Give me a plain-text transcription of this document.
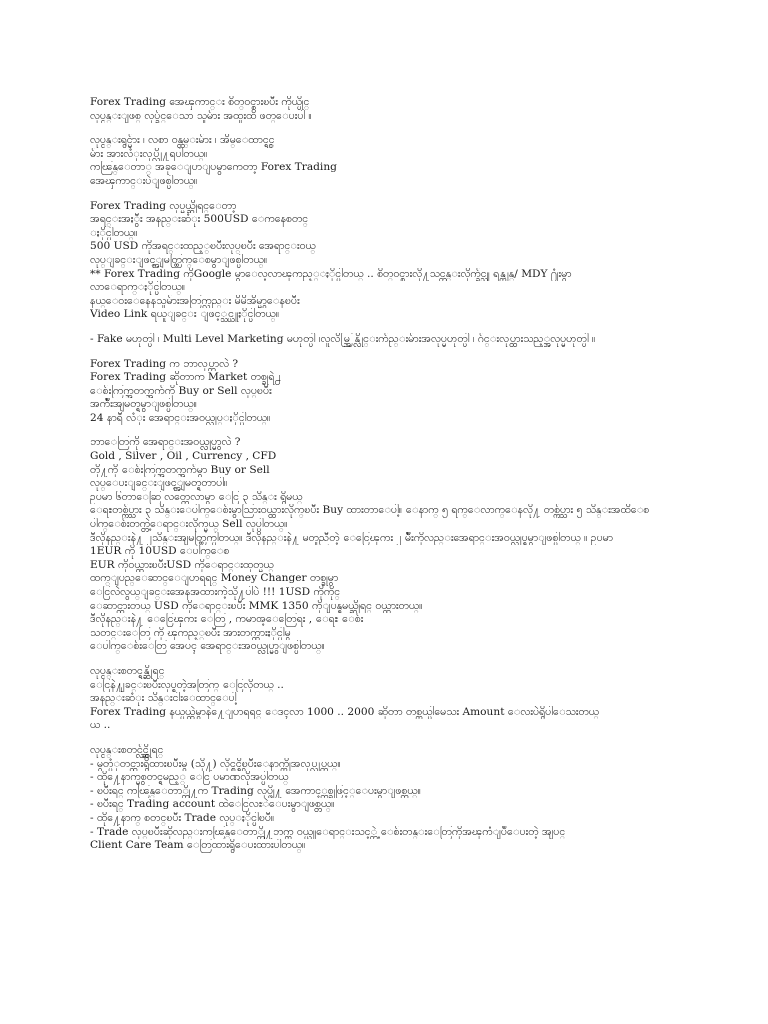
Forex Trading အေၾကာင္း စိတ္ဝင္စားၿပီး ကိုယ္ပိုင္
လုပ္ငန္းျဖစ္ လုပ္ခ်င္ေသာ သူမ်ား အထူးထိ ဖတ္ေပးပါ ။
လုပ္ငန္းရွင္မ်ား ၊ လစာ ဝန္ထမ္းမ်ား ၊ အိမ္ေထာင္ရွင္
မ်ား အားလံုးလုပ္လို႔ရပါတယ္။
ကၽြန္ေတာ္ အခုေျပာျပမွာကေတာ့ Forex Trading
အေၾကာင္းပဲျဖစ္ပါတယ္။
Forex Trading လုပ္မယ္ဆိုရင္ေတာ့
အရင္းအႏွီး အနည္းဆံုး 500USD ေကနေစတင္
ႏိုင္ပါတယ္။
500 USD ကိုအရင္းထည့္ၿပီးလုပ္ၿပီး အေရာင္းဝယ္
လုပ္ျခင္းျဖင့္အျမတ္ထြက္ေစမွာျဖစ္ပါတယ္။
** Forex Trading ကိုGoogle မွာေလ့လာၾကည့္ႏိုင္ပါတယ္ .. စိတ္ဝင္စားလို႔သင္တန္းလိုက္ခ်င္သူ ရန္ကုန္/ MDY ႐ုံးမွာ
လာေရာက္ႏိုင္ပါတယ္။
နယ္ေဝးေနေနသူမ်ားအတြက္လည္း မိမိအိမ္မွာေနၿပီး
Video Link ရယူျခင္း ျဖင့္သင္ယူႏိုင္ပါတယ္။
- Fake မဟုတ္ပါ ၊ Multi Level Marketing မဟုတ္ပါ ၊လူလိမ္အြန္လိုင္းက်ည္းမ်ားအလုပ္မဟုတ္ပါ ၊ ဂ်င္းလုပ္ထားသည့္အလုပ္မဟုတ္ပါ ။
Forex Trading က ဘာလုပ္တာလဲ ?
Forex Trading ဆိုတာက Market တစ္ခုရဲ႕
ေစ်းကြက္အတက္အက်ကို Buy or Sell လုပ္ၿပီး
အက်ိဳးအျမတ္ရမွာျဖစ္ပါတယ္။
24 နာရီ လံုး အေရာင္းအဝယ္လုပ္ႏိုင္ပါတယ္။
ဘာေတြကို အေရာင္းအဝယ္လုပ္မွာလဲ ?
Gold , Silver , Oil , Currency , CFD
တို႔ကို ေစ်းကြက္အတက္အက်မွာ Buy or Sell
လုပ္ေပးျခင္းျဖင့္အျမတ္ရတာပါ။
ဥပမာ ၆တာေဆြ လတ္တေလာမွာ ေငြ ၃ သိန္း ရွိမယ္
ေရႊတစ္က်ပ္သား ၃ သိန္းေပါက္ေစ်းမွာသြားဝယ္ထားလိုက္ၿပီး Buy ထားတာေပါ့။ ေနာက္ ၅ ရက္ေလာက္ေနလို႔ တစ္က်ပ္သား ၅ သိန္းအထိေစ
ပါက္ေစ်းတက္တဲ့ေရာင္းလိုက္မယ္ Sell လုပ္ပါတယ္။
ဒီလိုနည္းနဲ႔ ၂သိန္းအျမတ္ထြက္ပါတယ္။ ဒီလိုနည္းနဲ႔ မတူညီတဲ့ ေငြေၾကး ၂ မ်ိဳးကိုလည္းအေရာင္းအဝယ္လုပ္ရမွာျဖစ္ပါတယ္ ။ ဥပမာ
1EUR ကို 10USD ေပါက္ေစ
EUR ကိုဝယ္ထားၿပီးUSD ကိုေရာင္းထုတ္မယ္
ထက္ျပည္ေဆာင္ေျပာရရင္ Money Changer တစ္ခုမွာ
ေငြလဲလွယ္ျခင္းအေနအထားကဲ့သို႔ပါပဲ !!! 1USD ကိုကိုင္
ေဆာင္ထားတယ္ USD ကိုေရာင္းၿပီး MMK 1350 ကိုျပန္ရမယ္ဆိုရင္ ဝယ္ထားတယ္။
ဒီလိုနည္းနဲ႔ ေငြေၾကး ေတြ , ကမာၻ့ေတြေရး , ေရႊ ေစ်း
သတင္းေတြ ကို ၾကည့္ၿပီး အားတက္ထားႏိုင္ပါမွ
ေပါက္ေစ်းေတြ အေပၚ အေရာင္းအဝယ္လုပ္မွာျဖစ္ပါတယ္။
လုပ္ငန္းစတင္ရန္ဆိုရင္
ေငြနဲ႔ျခင္းၿပီးလုပ္ရတဲ့အတြက္ ေငြလိုတယ္ ..
အနည္းဆံုး သိန္းငါးေထာင္ေပါ့
Forex Trading နယ္ပယ္ထဲမွာနဲ႔ေျပာရရင္ ေဒၚလာ 1000 .. 2000 ဆိုတာ တစ္ကယ္ပါမေသး Amount ေလးပဲရွိပါေသးတယ္
ယ ..
လုပ္ငန္းစတင္လွ်င္ဆိုရင္
- မွတ္ပံုတင္ထားရွိထားၿပီးမွ (သို႔) လိုင္စင္ရွိၿပီးေနာက္ကိုအလုပ္လုပ္တယ္။
- ထို႔ေနာက္မွစတင္ရမည့္ ေငြ ပမာဏလိုအပ္ပါတယ္
- ၿပီးရင္ ကၽြန္ေတာ္တို႔က Trading လုပ္ဖို႔ အေကာင့္တစ္ခုဖြင့္ေပးမွာျဖစ္တယ္။
- ၿပီးရင္ Trading account ထဲေငြလႊဲေပးမွာျဖစ္တယ္။
- ထို႔ေနာက္ စတင္ၿပီး Trade လုပ္ႏိုင္ပါၿပီ။
- Trade လုပ္ၿပီးဆိုလည္းကၽြန္ေတာ္တို႔ဘက္က ဝယ္ယူေရာင္းသင့္တဲ့ ေစ်းတန္းေတြကိုအၾကံျပဳေပးတဲ့ အျပင္
Client Care Team ေတြထားရွိေပးထားပါတယ္။
